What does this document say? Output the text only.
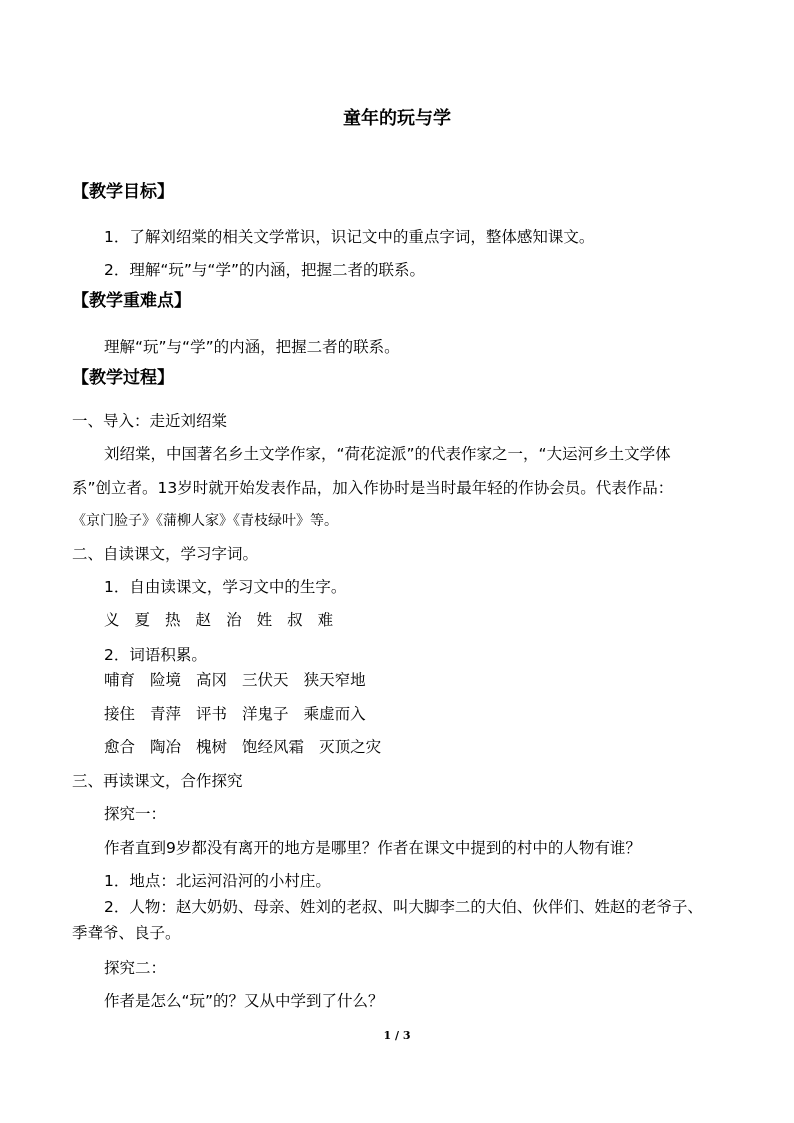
童年的玩与学
【教学目标】
1．了解刘绍棠的相关文学常识，识记文中的重点字词，整体感知课文。
2．理解“玩”与“学”的内涵，把握二者的联系。
【教学重难点】
理解“玩”与“学”的内涵，把握二者的联系。
【教学过程】
一、导入：走近刘绍棠
刘绍棠，中国著名乡土文学作家，“荷花淀派”的代表作家之一，“大运河乡土文学体
系”创立者。13岁时就开始发表作品，加入作协时是当时最年轻的作协会员。代表作品：
《京门脸子》《蒲柳人家》《青枝绿叶》等。
二、自读课文，学习字词。
1．自由读课文，学习文中的生字。
义 夏 热 赵 治 姓 叔 难
2．词语积累。
哺育 险境 高冈 三伏天 狭天窄地
接住 青萍 评书 洋鬼子 乘虚而入
愈合 陶冶 槐树 饱经风霜 灭顶之灾
三、再读课文，合作探究
探究一：
作者直到9岁都没有离开的地方是哪里？作者在课文中提到的村中的人物有谁？
1．地点：北运河沿河的小村庄。
2．人物：赵大奶奶、母亲、姓刘的老叔、叫大脚李二的大伯、伙伴们、姓赵的老爷子、
季聋爷、良子。
探究二：
作者是怎么“玩”的？又从中学到了什么？
1 / 3
